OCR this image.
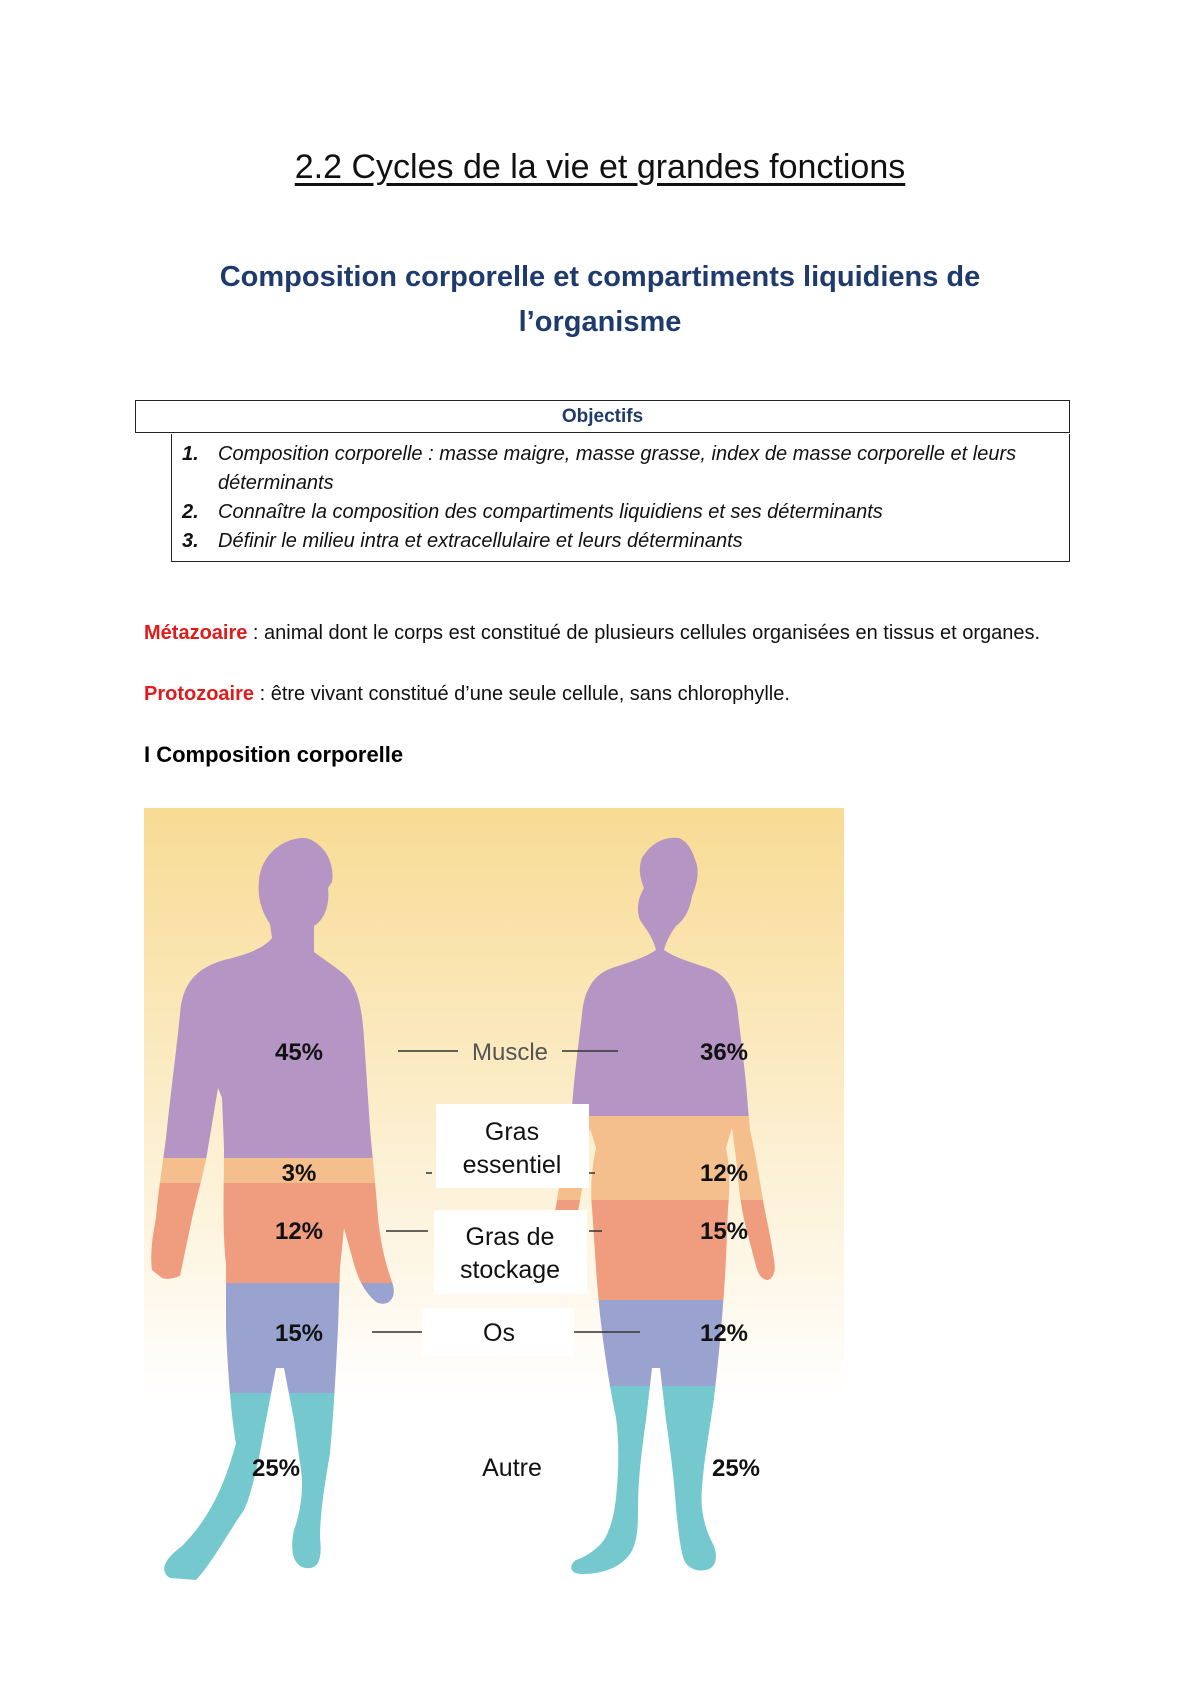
2.2 Cycles de la vie et grandes fonctions
Composition corporelle et compartiments liquidiens de
l’organisme
Objectifs
1. Composition corporelle : masse maigre, masse grasse, index de masse corporelle et leurs déterminants
2. Connaître la composition des compartiments liquidiens et ses déterminants
3. Définir le milieu intra et extracellulaire et leurs déterminants

Métazoaire : animal dont le corps est constitué de plusieurs cellules organisées en tissus et organes.

Protozoaire : être vivant constitué d’une seule cellule, sans chlorophylle.

I Composition corporelle
Muscle
Gras
essentiel
Gras de
stockage
Os
Autre
45%
3%
12%
15%
25%
36%
12%
15%
12%
25%
